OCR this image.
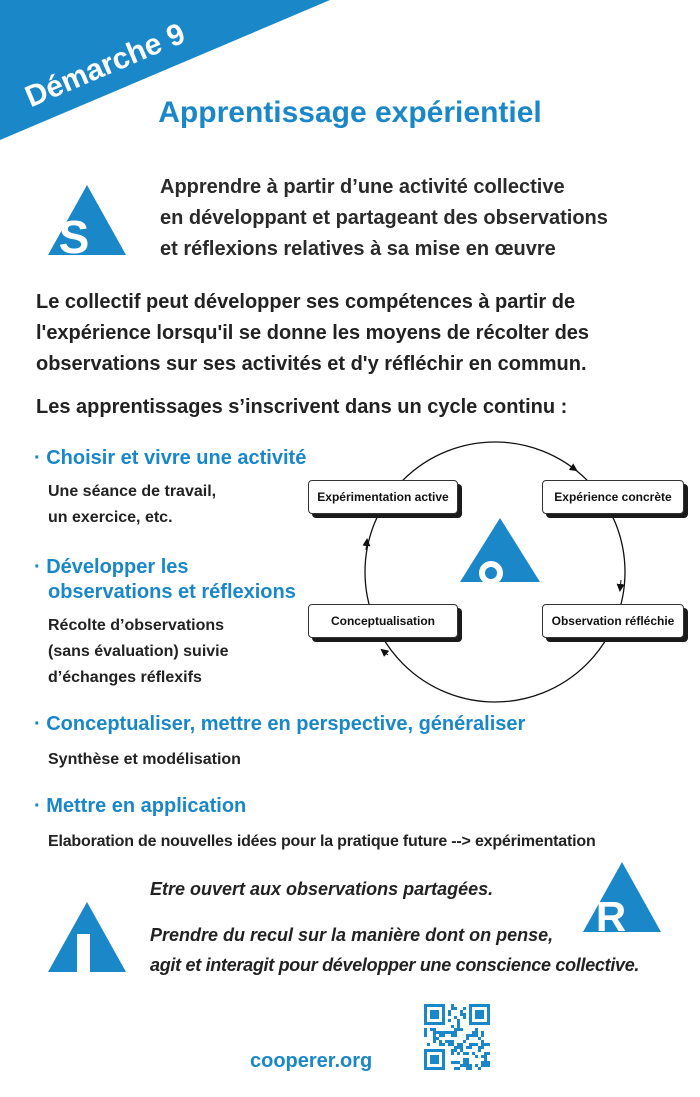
Démarche 9
Apprentissage expérientiel
S
Apprendre à partir d’une activité collective
en développant et partageant des observations
et réflexions relatives à sa mise en œuvre
Le collectif peut développer ses compétences à partir de
l'expérience lorsqu'il se donne les moyens de récolter des
observations sur ses activités et d'y réfléchir en commun.
Les apprentissages s’inscrivent dans un cycle continu :
· Choisir et vivre une activité
Une séance de travail,
un exercice, etc.
· Développer les
observations et réflexions
Récolte d’observations
(sans évaluation) suivie
d’échanges réflexifs
· Conceptualiser, mettre en perspective, généraliser
Synthèse et modélisation
· Mettre en application
Elaboration de nouvelles idées pour la pratique future --> expérimentation
Expérimentation active	Expérience concrète
Observation réfléchie
Conceptualisation
R
Etre ouvert aux observations partagées.
Prendre du recul sur la manière dont on pense,
agit et interagit pour développer une conscience collective.
cooperer.org
